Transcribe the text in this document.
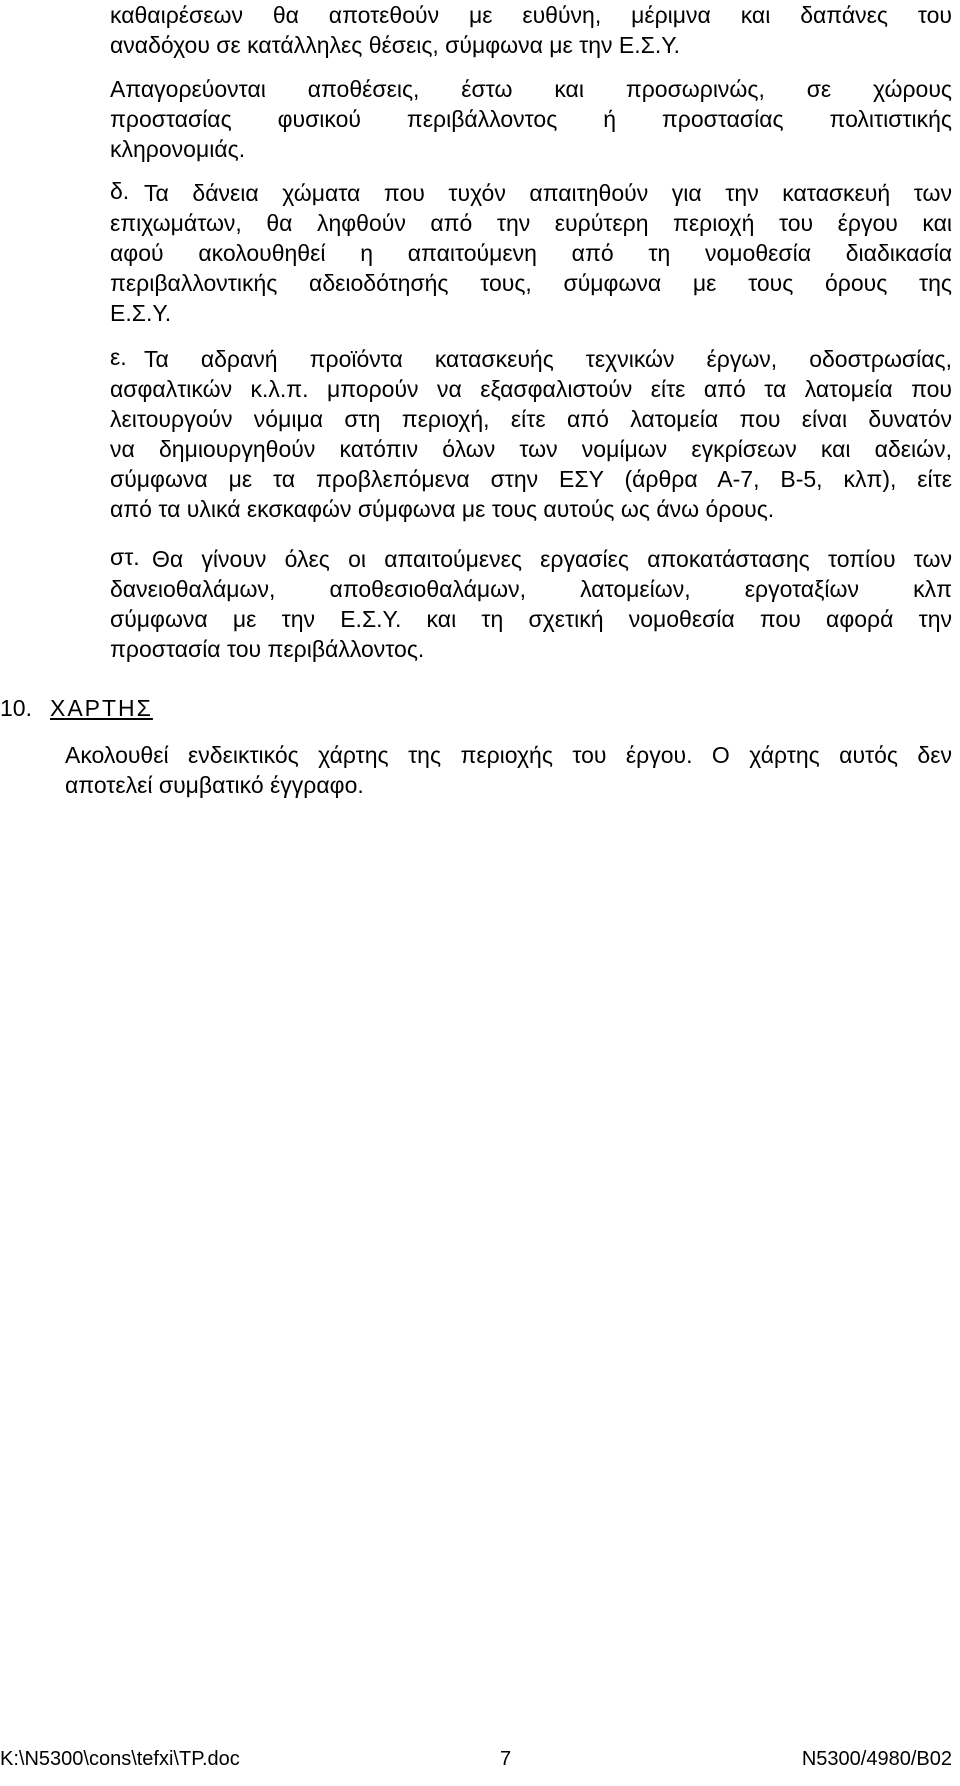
καθαιρέσεων θα αποτεθούν με ευθύνη, μέριμνα και δαπάνες του
αναδόχου σε κατάλληλες θέσεις, σύμφωνα με την Ε.Σ.Υ.
Απαγορεύονται αποθέσεις, έστω και προσωρινώς, σε χώρους
προστασίας φυσικού περιβάλλοντος ή προστασίας πολιτιστικής
κληρονομιάς.
δ. Τα δάνεια χώματα που τυχόν απαιτηθούν για την κατασκευή των
επιχωμάτων, θα ληφθούν από την ευρύτερη περιοχή του έργου και
αφού ακολουθηθεί η απαιτούμενη από τη νομοθεσία διαδικασία
περιβαλλοντικής αδειοδότησής τους, σύμφωνα με τους όρους της
Ε.Σ.Υ.
ε. Τα αδρανή προϊόντα κατασκευής τεχνικών έργων, οδοστρωσίας,
ασφαλτικών κ.λ.π. μπορούν να εξασφαλιστούν είτε από τα λατομεία που
λειτουργούν νόμιμα στη περιοχή, είτε από λατομεία που είναι δυνατόν
να δημιουργηθούν κατόπιν όλων των νομίμων εγκρίσεων και αδειών,
σύμφωνα με τα προβλεπόμενα στην ΕΣΥ (άρθρα Α-7, Β-5, κλπ), είτε
από τα υλικά εκσκαφών σύμφωνα με τους αυτούς ως άνω όρους.
στ. Θα γίνουν όλες οι απαιτούμενες εργασίες αποκατάστασης τοπίου των
δανειοθαλάμων, αποθεσιοθαλάμων, λατομείων, εργοταξίων κλπ
σύμφωνα με την Ε.Σ.Υ. και τη σχετική νομοθεσία που αφορά την
προστασία του περιβάλλοντος.
10. ΧΑΡΤΗΣ
Ακολουθεί ενδεικτικός χάρτης της περιοχής του έργου. Ο χάρτης αυτός δεν
αποτελεί συμβατικό έγγραφο.
K:\N5300\cons\tefxi\TP.doc	7	N5300/4980/B02
